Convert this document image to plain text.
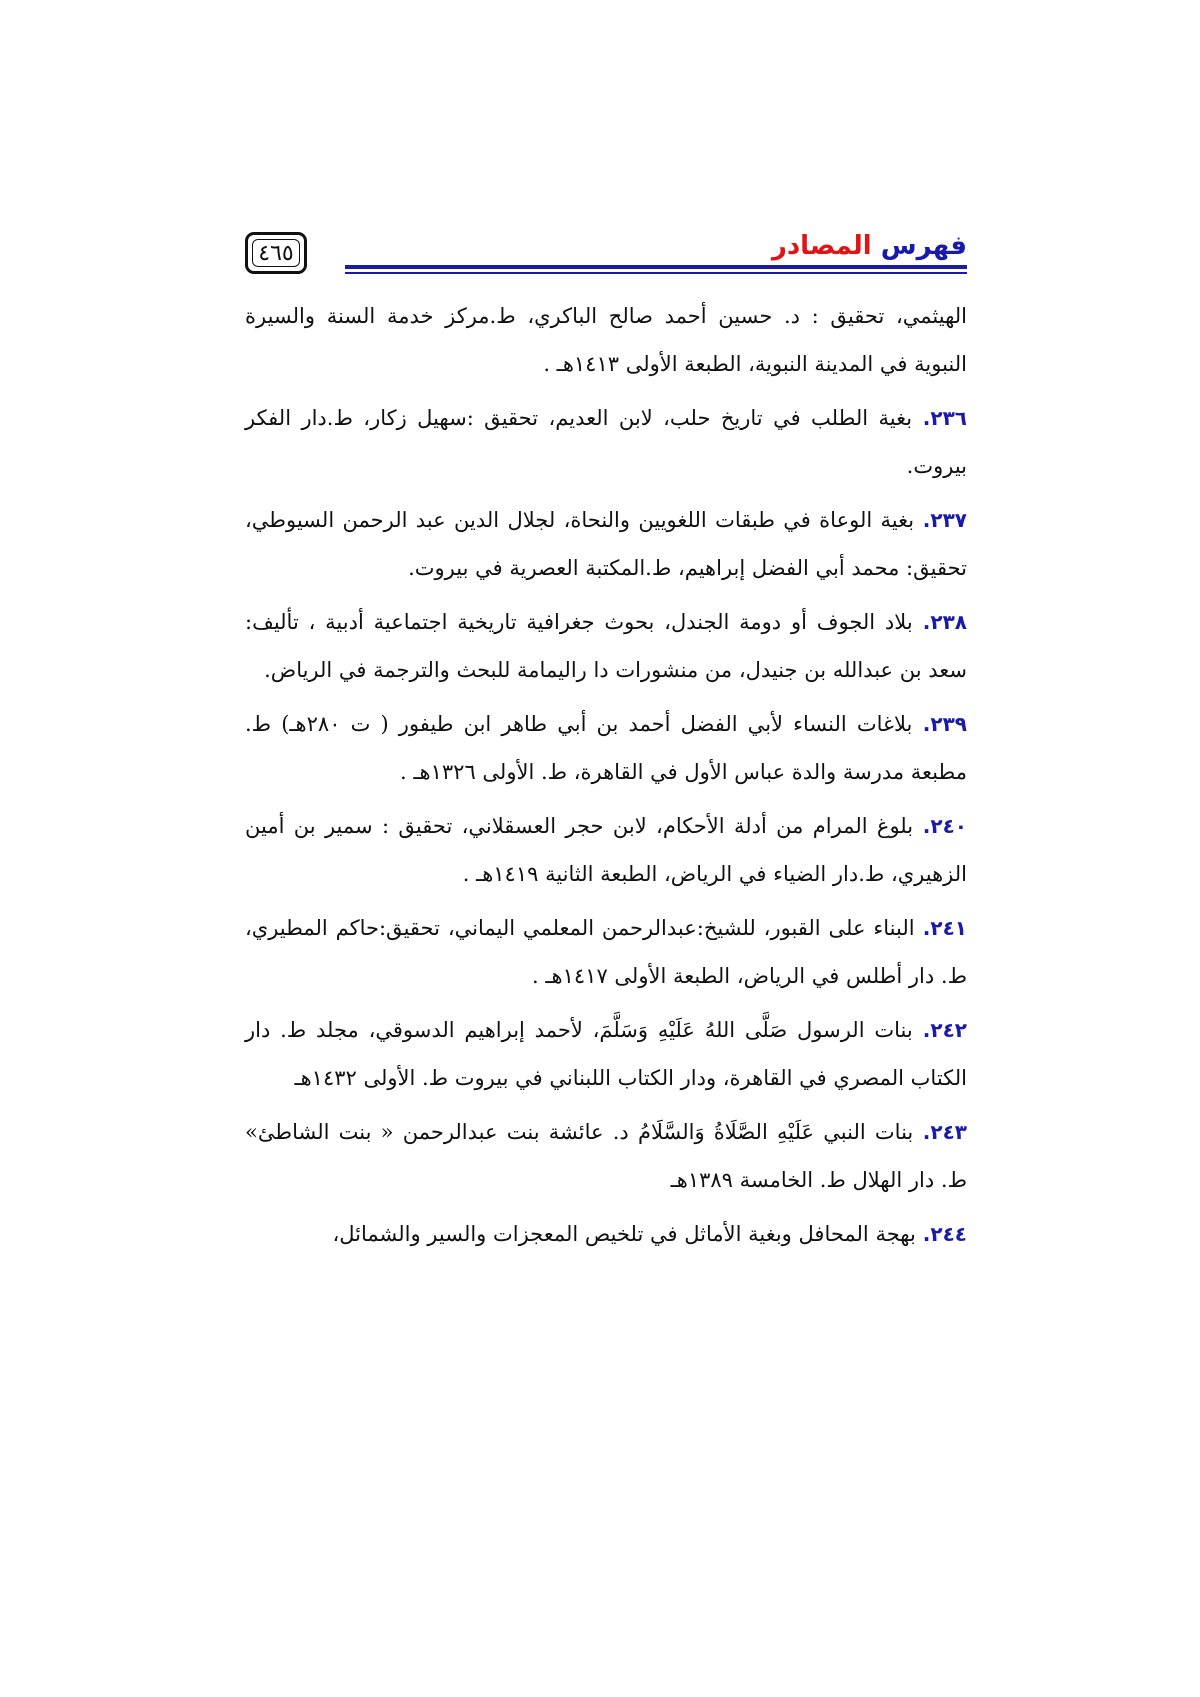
٤٦٥	فهرس المصادر

الهيثمي، تحقيق : د. حسين أحمد صالح الباكري، ط.مركز خدمة السنة والسيرة النبوية في المدينة النبوية، الطبعة الأولى ١٤١٣هـ .

٢٣٦.بغية الطلب في تاريخ حلب، لابن العديم، تحقيق :سهيل زكار، ط.دار الفكر بيروت.

٢٣٧.بغية الوعاة في طبقات اللغويين والنحاة، لجلال الدين عبد الرحمن السيوطي، تحقيق: محمد أبي الفضل إبراهيم، ط.المكتبة العصرية في بيروت.

٢٣٨.بلاد الجوف أو دومة الجندل، بحوث جغرافية تاريخية اجتماعية أدبية ، تأليف: سعد بن عبدالله بن جنيدل، من منشورات دا راليمامة للبحث والترجمة في الرياض.

٢٣٩.بلاغات النساء لأبي الفضل أحمد بن أبي طاهر ابن طيفور ( ت ٢٨٠هـ) ط. مطبعة مدرسة والدة عباس الأول في القاهرة، ط. الأولى ١٣٢٦هـ .

٢٤٠.بلوغ المرام من أدلة الأحكام، لابن حجر العسقلاني، تحقيق : سمير بن أمين الزهيري، ط.دار الضياء في الرياض، الطبعة الثانية ١٤١٩هـ .

٢٤١.البناء على القبور، للشيخ:عبدالرحمن المعلمي اليماني، تحقيق:حاكم المطيري، ط. دار أطلس في الرياض، الطبعة الأولى ١٤١٧هـ .

٢٤٢.بنات الرسول صَلَّى اللهُ عَلَيْهِ وَسَلَّمَ، لأحمد إبراهيم الدسوقي، مجلد ط. دار الكتاب المصري في القاهرة، ودار الكتاب اللبناني في بيروت ط. الأولى ١٤٣٢هـ

٢٤٣.بنات النبي عَلَيْهِ الصَّلَاةُ وَالسَّلَامُ د. عائشة بنت عبدالرحمن « بنت الشاطئ» ط. دار الهلال ط. الخامسة ١٣٨٩هـ

٢٤٤.بهجة المحافل وبغية الأماثل في تلخيص المعجزات والسير والشمائل،
